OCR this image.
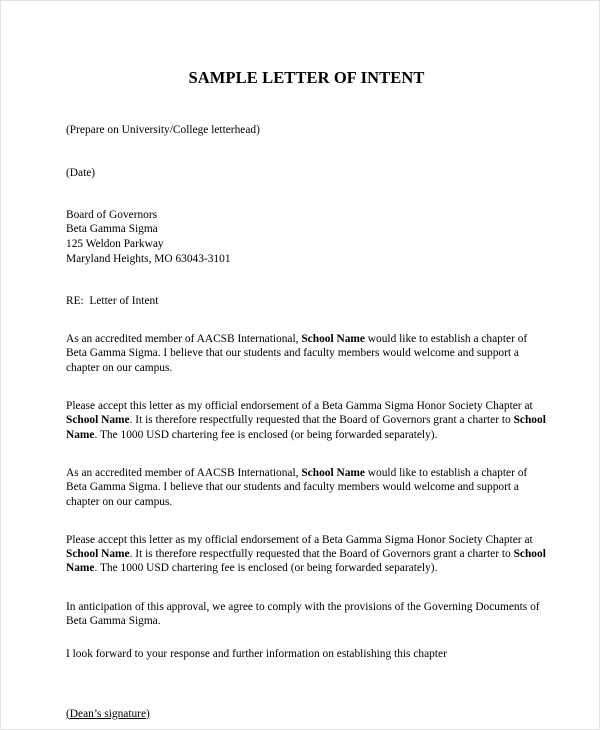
SAMPLE LETTER OF INTENT

(Prepare on University/College letterhead)

(Date)

Board of Governors
Beta Gamma Sigma
125 Weldon Parkway
Maryland Heights, MO 63043-3101

RE:  Letter of Intent

As an accredited member of AACSB International, School Name would like to establish a chapter of Beta Gamma Sigma. I believe that our students and faculty members would welcome and support a chapter on our campus.

Please accept this letter as my official endorsement of a Beta Gamma Sigma Honor Society Chapter at School Name. It is therefore respectfully requested that the Board of Governors grant a charter to School Name. The 1000 USD chartering fee is enclosed (or being forwarded separately).

As an accredited member of AACSB International, School Name would like to establish a chapter of Beta Gamma Sigma. I believe that our students and faculty members would welcome and support a chapter on our campus.

Please accept this letter as my official endorsement of a Beta Gamma Sigma Honor Society Chapter at School Name. It is therefore respectfully requested that the Board of Governors grant a charter to School Name. The 1000 USD chartering fee is enclosed (or being forwarded separately).

In anticipation of this approval, we agree to comply with the provisions of the Governing Documents of Beta Gamma Sigma.

I look forward to your response and further information on establishing this chapter

(Dean’s signature)
